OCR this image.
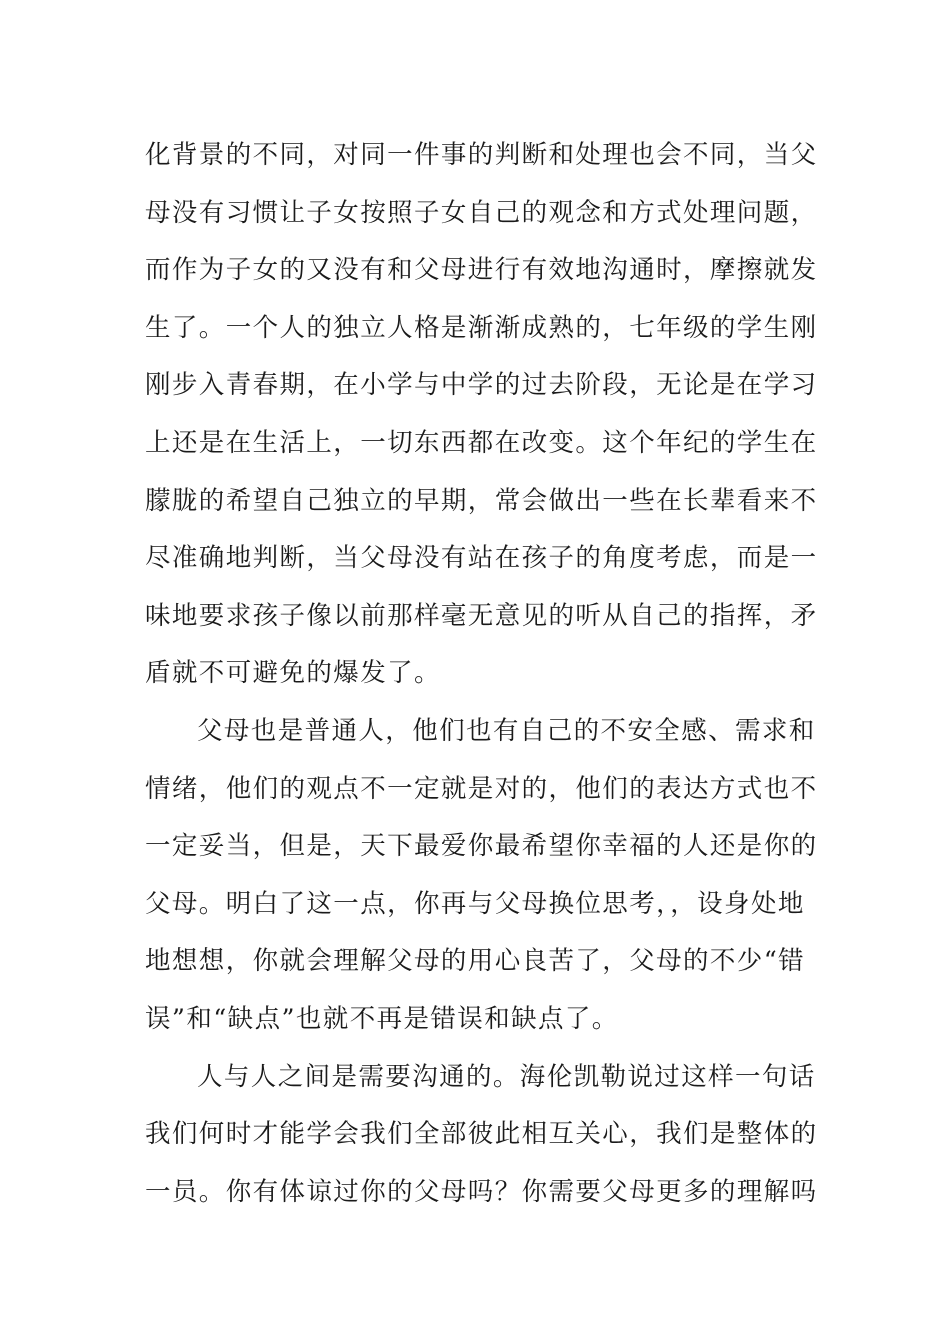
化背景的不同，对同一件事的判断和处理也会不同，当父
母没有习惯让子女按照子女自己的观念和方式处理问题，
而作为子女的又没有和父母进行有效地沟通时，摩擦就发
生了。一个人的独立人格是渐渐成熟的，七年级的学生刚
刚步入青春期，在小学与中学的过去阶段，无论是在学习
上还是在生活上，一切东西都在改变。这个年纪的学生在
朦胧的希望自己独立的早期，常会做出一些在长辈看来不
尽准确地判断，当父母没有站在孩子的角度考虑，而是一
味地要求孩子像以前那样毫无意见的听从自己的指挥，矛
盾就不可避免的爆发了。
父母也是普通人，他们也有自己的不安全感、需求和
情绪，他们的观点不一定就是对的，他们的表达方式也不
一定妥当，但是，天下最爱你最希望你幸福的人还是你的
父母。明白了这一点，你再与父母换位思考，，设身处地
地想想，你就会理解父母的用心良苦了，父母的不少“错
误”和“缺点”也就不再是错误和缺点了。
人与人之间是需要沟通的。海伦凯勒说过这样一句话
我们何时才能学会我们全部彼此相互关心，我们是整体的
一员。你有体谅过你的父母吗？你需要父母更多的理解吗
